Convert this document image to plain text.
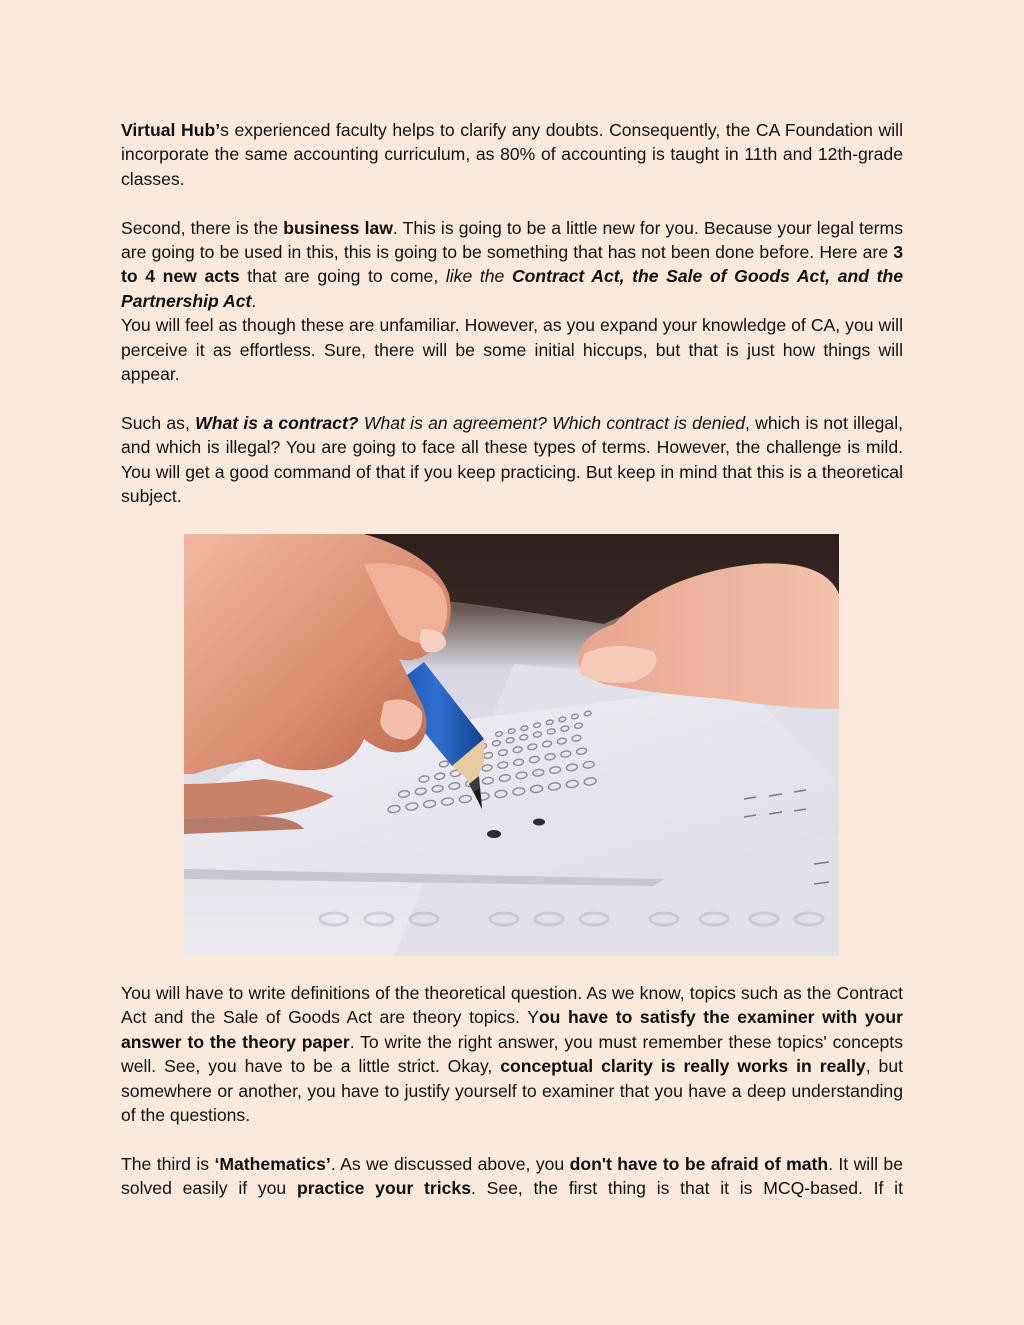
Virtual Hub’s experienced faculty helps to clarify any doubts. Consequently, the CA Foundation will incorporate the same accounting curriculum, as 80% of accounting is taught in 11th and 12th-grade classes.

Second, there is the business law. This is going to be a little new for you. Because your legal terms are going to be used in this, this is going to be something that has not been done before. Here are 3 to 4 new acts that are going to come, like the Contract Act, the Sale of Goods Act, and the Partnership Act.

You will feel as though these are unfamiliar. However, as you expand your knowledge of CA, you will perceive it as effortless. Sure, there will be some initial hiccups, but that is just how things will appear.

Such as, What is a contract? What is an agreement? Which contract is denied, which is not illegal, and which is illegal? You are going to face all these types of terms. However, the challenge is mild. You will get a good command of that if you keep practicing. But keep in mind that this is a theoretical subject.

You will have to write definitions of the theoretical question. As we know, topics such as the Contract Act and the Sale of Goods Act are theory topics. You have to satisfy the examiner with your answer to the theory paper. To write the right answer, you must remember these topics' concepts well. See, you have to be a little strict. Okay, conceptual clarity is really works in really, but somewhere or another, you have to justify yourself to examiner that you have a deep understanding of the questions.

The third is ‘Mathematics’. As we discussed above, you don't have to be afraid of math. It will be solved easily if you practice your tricks. See, the first thing is that it is MCQ-based. If it
